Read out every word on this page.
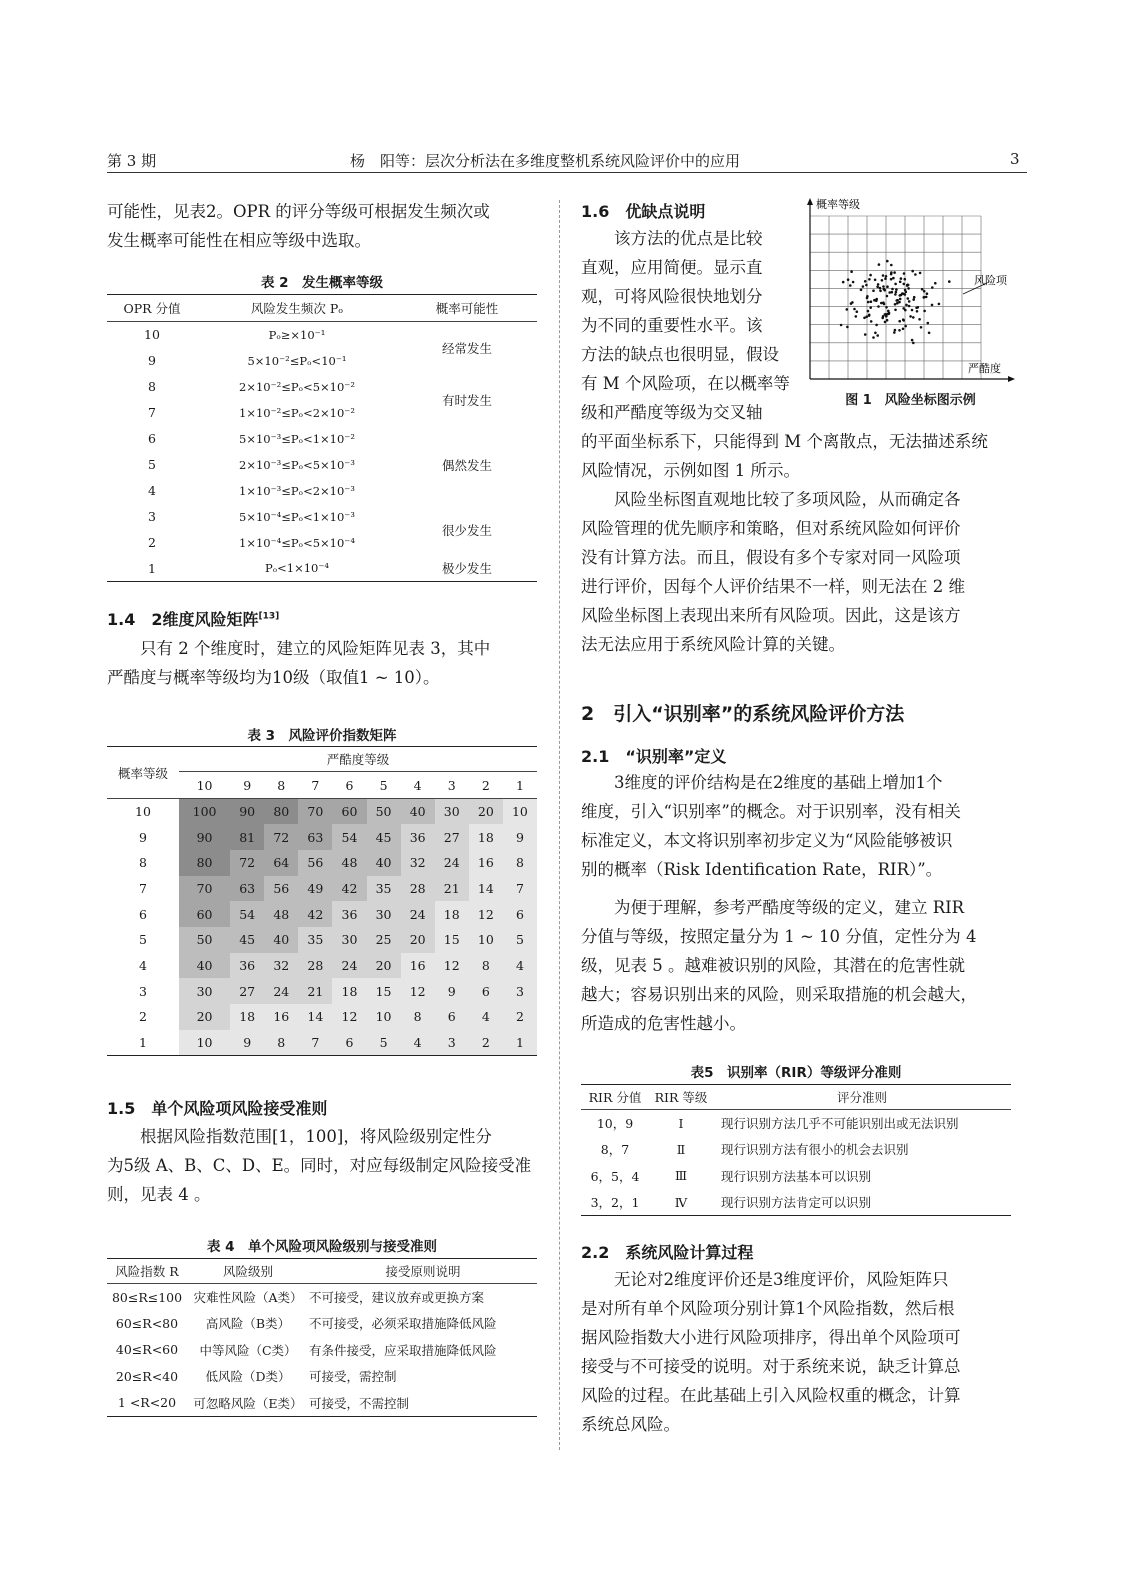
第 3 期	杨　阳等：层次分析法在多维度整机系统风险评价中的应用	3

可能性，见表2。OPR 的评分等级可根据发生频次或

发生概率可能性在相应等级中选取。

表 2　发生概率等级
OPR 分值	风险发生频次 Pₒ	概率可能性
10	Pₒ≥×10⁻¹	经常发生
9	5×10⁻²≤Pₒ<10⁻¹	
8	2×10⁻²≤Pₒ<5×10⁻²	有时发生
7	1×10⁻²≤Pₒ<2×10⁻²	
6	5×10⁻³≤Pₒ<1×10⁻²	偶然发生
5	2×10⁻³≤Pₒ<5×10⁻³	
4	1×10⁻³≤Pₒ<2×10⁻³	
3	5×10⁻⁴≤Pₒ<1×10⁻³	很少发生
2	1×10⁻⁴≤Pₒ<5×10⁻⁴	
1	Pₒ<1×10⁻⁴	极少发生
1.4　2维度风险矩阵[13]

只有 2 个维度时，建立的风险矩阵见表 3，其中

严酷度与概率等级均为10级（取值1 ~ 10）。

表 3　风险评价指数矩阵
概率等级	严酷度等级									
	10	9	8	7	6	5	4	3	2	1
10	100	90	80	70	60	50	40	30	20	10
9	90	81	72	63	54	45	36	27	18	9
8	80	72	64	56	48	40	32	24	16	8
7	70	63	56	49	42	35	28	21	14	7
6	60	54	48	42	36	30	24	18	12	6
5	50	45	40	35	30	25	20	15	10	5
4	40	36	32	28	24	20	16	12	8	4
3	30	27	24	21	18	15	12	9	6	3
2	20	18	16	14	12	10	8	6	4	2
1	10	9	8	7	6	5	4	3	2	1
1.5　单个风险项风险接受准则

根据风险指数范围[1，100]，将风险级别定性分

为5级 A、B、C、D、E。同时，对应每级制定风险接受准

则，见表 4 。

表 4　单个风险项风险级别与接受准则
风险指数 R	风险级别	接受原则说明
80≤R≤100	灾难性风险（A类）	不可接受，建议放弃或更换方案
60≤R<80	高风险（B类）	不可接受，必须采取措施降低风险
40≤R<60	中等风险（C类）	有条件接受，应采取措施降低风险
20≤R<40	低风险（D类）	可接受，需控制
1 <R<20	可忽略风险（E类）	可接受，不需控制
1.6　优缺点说明

该方法的优点是比较

直观，应用简便。显示直

观，可将风险很快地划分

为不同的重要性水平。该

方法的缺点也很明显，假设

有 M 个风险项，在以概率等

级和严酷度等级为交叉轴

概率等级
严酷度
风险项
图 1　风险坐标图示例

的平面坐标系下，只能得到 M 个离散点，无法描述系统

风险情况，示例如图 1 所示。

风险坐标图直观地比较了多项风险，从而确定各

风险管理的优先顺序和策略，但对系统风险如何评价

没有计算方法。而且，假设有多个专家对同一风险项

进行评价，因每个人评价结果不一样，则无法在 2 维

风险坐标图上表现出来所有风险项。因此，这是该方

法无法应用于系统风险计算的关键。

2　引入“识别率”的系统风险评价方法
2.1　“识别率”定义

3维度的评价结构是在2维度的基础上增加1个

维度，引入“识别率”的概念。对于识别率，没有相关

标准定义，本文将识别率初步定义为“风险能够被识

别的概率（Risk Identification Rate，RIR）”。

为便于理解，参考严酷度等级的定义，建立 RIR

分值与等级，按照定量分为 1 ~ 10 分值，定性分为 4

级，见表 5 。越难被识别的风险，其潜在的危害性就

越大；容易识别出来的风险，则采取措施的机会越大，

所造成的危害性越小。

表5　识别率（RIR）等级评分准则
RIR 分值	RIR 等级	评分准则
10，9	Ⅰ	现行识别方法几乎不可能识别出或无法识别
8，7	Ⅱ	现行识别方法有很小的机会去识别
6，5，4	Ⅲ	现行识别方法基本可以识别
3，2，1	Ⅳ	现行识别方法肯定可以识别
2.2　系统风险计算过程

无论对2维度评价还是3维度评价，风险矩阵只

是对所有单个风险项分别计算1个风险指数，然后根

据风险指数大小进行风险项排序，得出单个风险项可

接受与不可接受的说明。对于系统来说，缺乏计算总

风险的过程。在此基础上引入风险权重的概念，计算

系统总风险。
